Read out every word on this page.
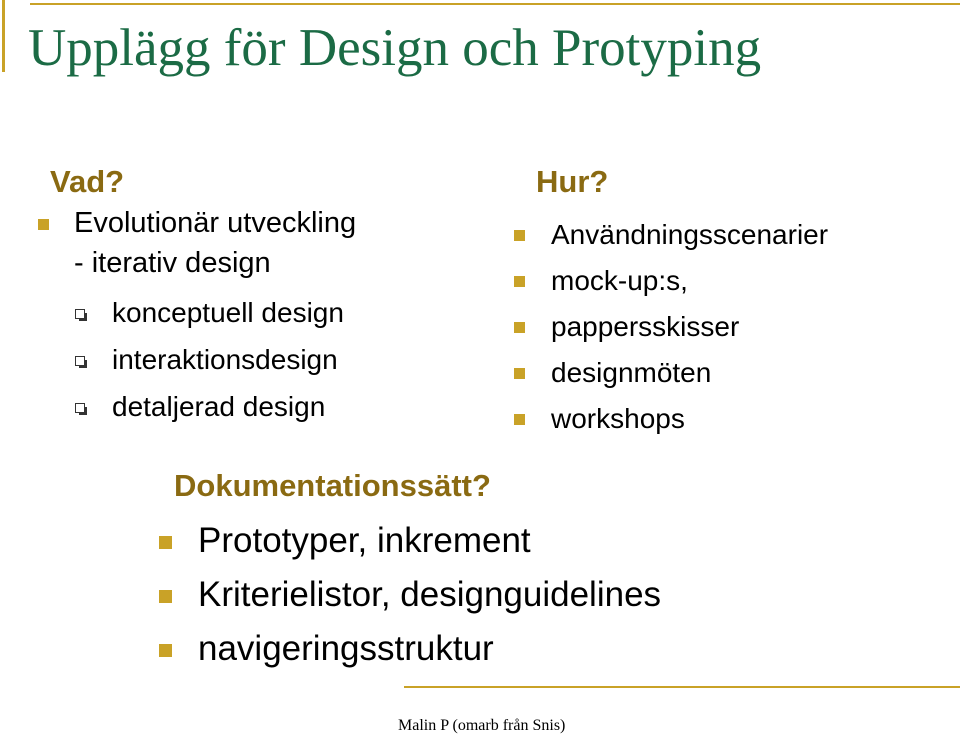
Upplägg för Design och Protyping
Vad?
Evolutionär utveckling
- iterativ design
konceptuell design
interaktionsdesign
detaljerad design
Hur?
Användningsscenarier
mock-up:s,
pappersskisser
designmöten
workshops
Dokumentationssätt?
Prototyper, inkrement
Kriterielistor, designguidelines
navigeringsstruktur
Malin P (omarb från Snis)
